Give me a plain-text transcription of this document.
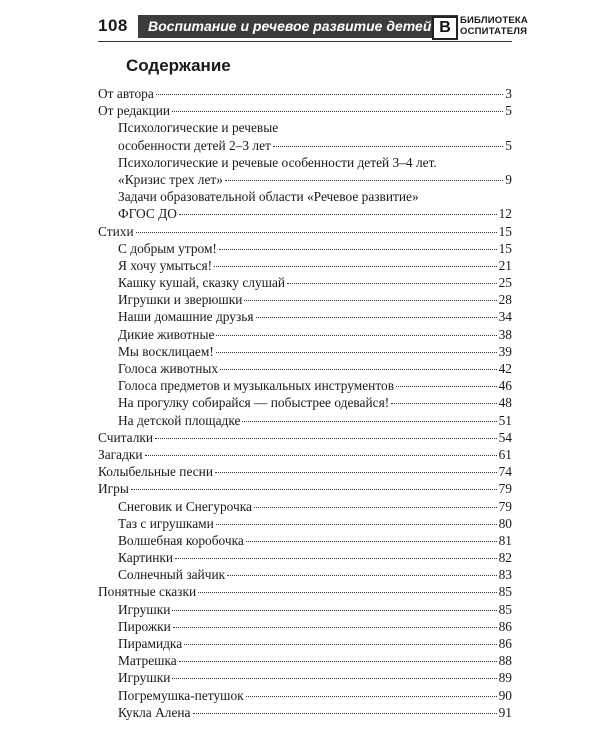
108	Воспитание и речевое развитие детей В БИБЛИОТЕКА
ОСПИТАТЕЛЯ
Содержание
От автора	3
От редакции	5
Психологические и речевые
особенности детей 2–3 лет	5
Психологические и речевые особенности детей 3–4 лет.
«Кризис трех лет»	9
Задачи образовательной области «Речевое развитие»
ФГОС ДО	12
Стихи	15
С добрым утром!	15
Я хочу умыться!	21
Кашку кушай, сказку слушай	25
Игрушки и зверюшки	28
Наши домашние друзья	34
Дикие животные	38
Мы восклицаем!	39
Голоса животных	42
Голоса предметов и музыкальных инструментов	46
На прогулку собирайся — побыстрее одевайся!	48
На детской площадке	51
Считалки	54
Загадки	61
Колыбельные песни	74
Игры	79
Снеговик и Снегурочка	79
Таз с игрушками	80
Волшебная коробочка	81
Картинки	82
Солнечный зайчик	83
Понятные сказки	85
Игрушки	85
Пирожки	86
Пирамидка	86
Матрешка	88
Игрушки	89
Погремушка-петушок	90
Кукла Алена	91
